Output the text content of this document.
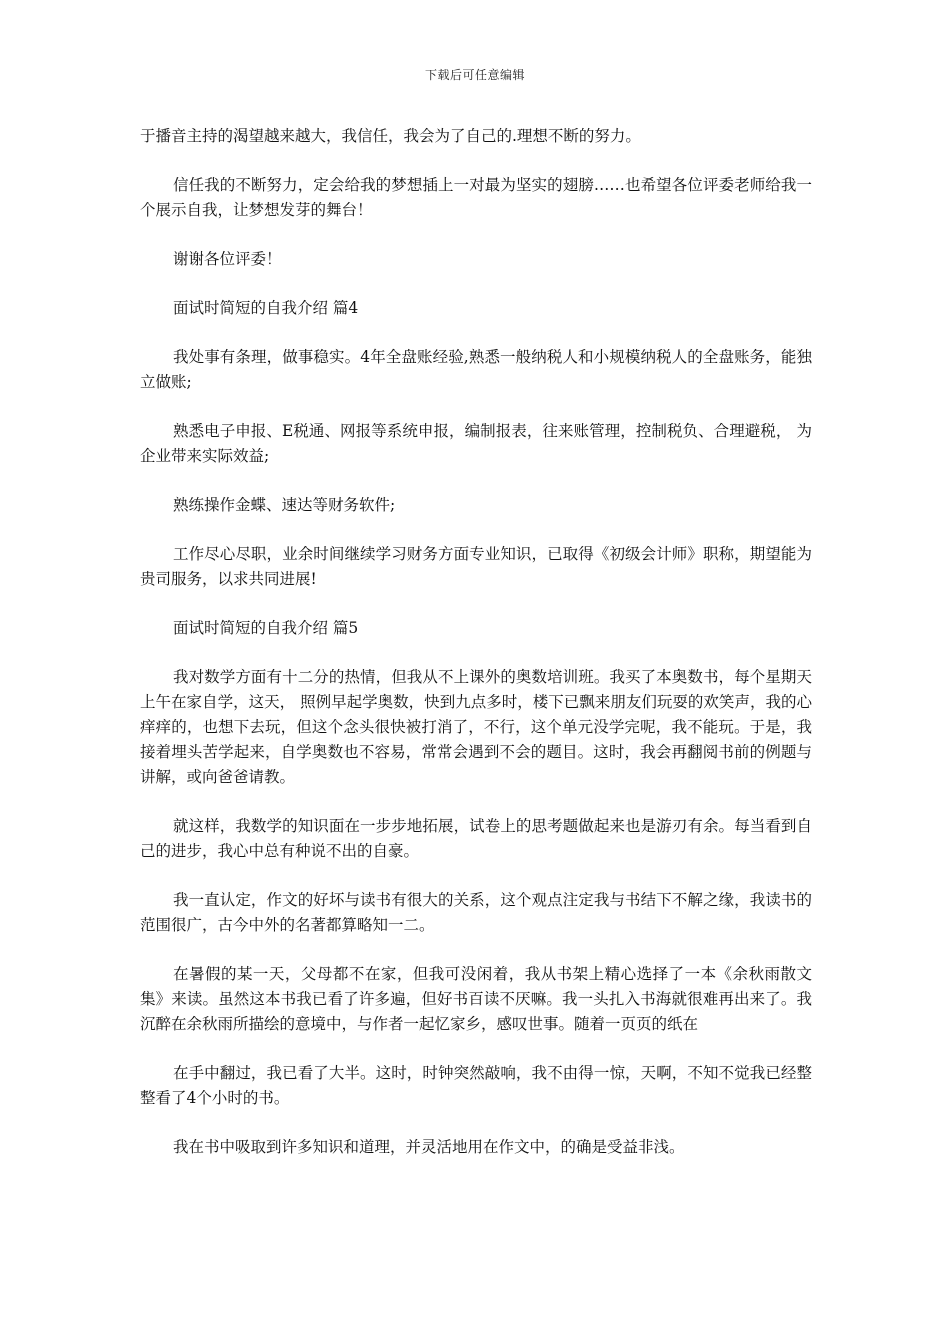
下载后可任意编辑

于播音主持的渴望越来越大，我信任，我会为了自己的.理想不断的努力。

信任我的不断努力，定会给我的梦想插上一对最为坚实的翅膀……也希望各位评委老师给我一个展示自我，让梦想发芽的舞台！

谢谢各位评委！

面试时简短的自我介绍 篇4

我处事有条理，做事稳实。4年全盘账经验,熟悉一般纳税人和小规模纳税人的全盘账务，能独立做账;

熟悉电子申报、E税通、网报等系统申报，编制报表，往来账管理，控制税负、合理避税， 为企业带来实际效益;

熟练操作金蝶、速达等财务软件;

工作尽心尽职，业余时间继续学习财务方面专业知识，已取得《初级会计师》职称，期望能为贵司服务，以求共同进展!

面试时简短的自我介绍 篇5

我对数学方面有十二分的热情，但我从不上课外的奥数培训班。我买了本奥数书，每个星期天上午在家自学，这天， 照例早起学奥数，快到九点多时，楼下已飘来朋友们玩耍的欢笑声，我的心痒痒的，也想下去玩，但这个念头很快被打消了，不行，这个单元没学完呢，我不能玩。于是，我接着埋头苦学起来，自学奥数也不容易，常常会遇到不会的题目。这时，我会再翻阅书前的例题与讲解，或向爸爸请教。

就这样，我数学的知识面在一步步地拓展，试卷上的思考题做起来也是游刃有余。每当看到自己的进步，我心中总有种说不出的自豪。

我一直认定，作文的好坏与读书有很大的关系，这个观点注定我与书结下不解之缘，我读书的范围很广，古今中外的名著都算略知一二。

在暑假的某一天，父母都不在家，但我可没闲着，我从书架上精心选择了一本《余秋雨散文集》来读。虽然这本书我已看了许多遍，但好书百读不厌嘛。我一头扎入书海就很难再出来了。我沉醉在余秋雨所描绘的意境中，与作者一起忆家乡，感叹世事。随着一页页的纸在

在手中翻过，我已看了大半。这时，时钟突然敲响，我不由得一惊，天啊，不知不觉我已经整整看了4个小时的书。

我在书中吸取到许多知识和道理，并灵活地用在作文中，的确是受益非浅。
